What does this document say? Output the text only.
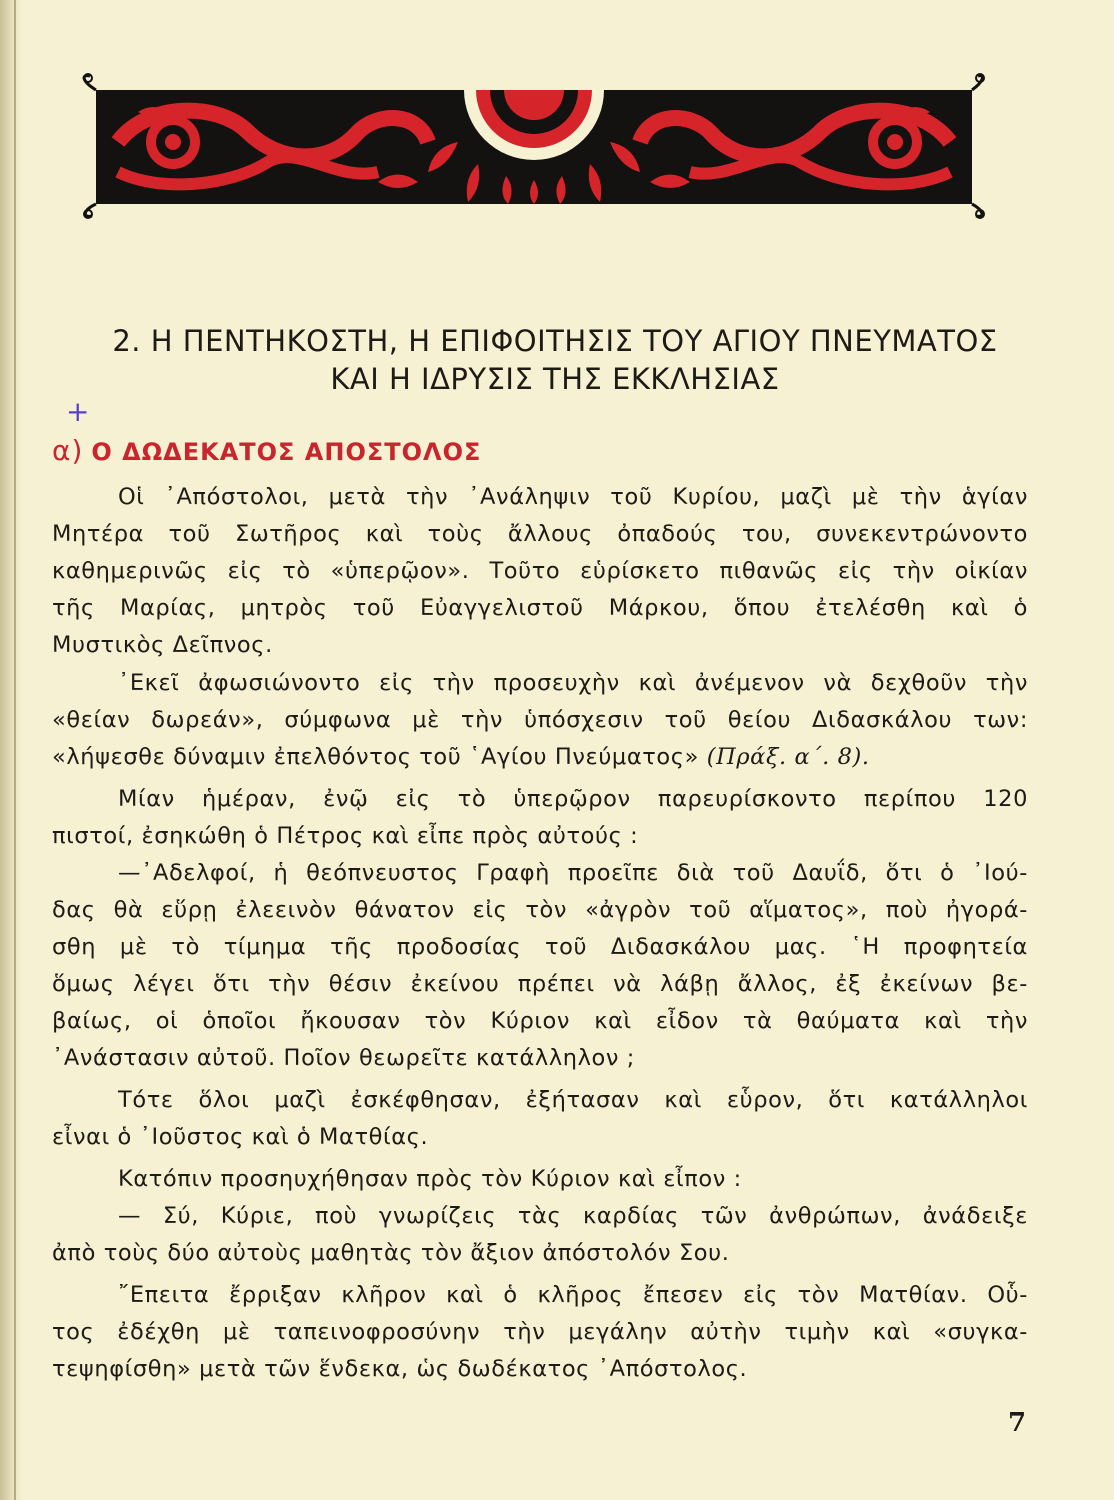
2. Η ΠΕΝΤΗΚΟΣΤΗ, Η ΕΠΙΦΟΙΤΗΣΙΣ ΤΟΥ ΑΓΙΟΥ ΠΝΕΥΜΑΤΟΣ
ΚΑΙ Η ΙΔΡΥΣΙΣ ΤΗΣ ΕΚΚΛΗΣΙΑΣ
+
α) Ο ΔΩΔΕΚΑΤΟΣ ΑΠΟΣΤΟΛΟΣ
Οἱ ᾿Απόστολοι, μετὰ τὴν ᾿Ανάληψιν τοῦ Κυρίου, μαζὶ μὲ τὴν ἁγίαν
Μητέρα τοῦ Σωτῆρος καὶ τοὺς ἄλλους ὀπαδούς του, συνεκεντρώνοντο
καθημερινῶς εἰς τὸ «ὑπερῷον». Τοῦτο εὑρίσκετο πιθανῶς εἰς τὴν οἰκίαν
τῆς Μαρίας, μητρὸς τοῦ Εὐαγγελιστοῦ Μάρκου, ὅπου ἐτελέσθη καὶ ὁ
Μυστικὸς Δεῖπνος.
᾿Εκεῖ ἀφωσιώνοντο εἰς τὴν προσευχὴν καὶ ἀνέμενον νὰ δεχθοῦν τὴν
«θείαν δωρεάν», σύμφωνα μὲ τὴν ὑπόσχεσιν τοῦ θείου Διδασκάλου των:
«λήψεσθε δύναμιν ἐπελθόντος τοῦ ῾Αγίου Πνεύματος» (Πράξ. α΄. 8).
Μίαν ἡμέραν, ἐνῷ εἰς τὸ ὑπερῷρον παρευρίσκοντο περίπου 120
πιστοί, ἐσηκώθη ὁ Πέτρος καὶ εἶπε πρὸς αὐτούς :
—᾿Αδελφοί, ἡ θεόπνευστος Γραφὴ προεῖπε διὰ τοῦ Δαυΐδ, ὅτι ὁ ᾿Ιού-
δας θὰ εὕρῃ ἐλεεινὸν θάνατον εἰς τὸν «ἀγρὸν τοῦ αἵματος», ποὺ ἠγορά-
σθη μὲ τὸ τίμημα τῆς προδοσίας τοῦ Διδασκάλου μας. ῾Η προφητεία
ὅμως λέγει ὅτι τὴν θέσιν ἐκείνου πρέπει νὰ λάβῃ ἄλλος, ἐξ ἐκείνων βε-
βαίως, οἱ ὁποῖοι ἤκουσαν τὸν Κύριον καὶ εἶδον τὰ θαύματα καὶ τὴν
᾿Ανάστασιν αὐτοῦ. Ποῖον θεωρεῖτε κατάλληλον ;
Τότε ὅλοι μαζὶ ἐσκέφθησαν, ἐξήτασαν καὶ εὗρον, ὅτι κατάλληλοι
εἶναι ὁ ᾿Ιοῦστος καὶ ὁ Ματθίας.
Κατόπιν προσηυχήθησαν πρὸς τὸν Κύριον καὶ εἶπον :
— Σύ, Κύριε, ποὺ γνωρίζεις τὰς καρδίας τῶν ἀνθρώπων, ἀνάδειξε
ἀπὸ τοὺς δύο αὐτοὺς μαθητὰς τὸν ἄξιον ἀπόστολόν Σου.
῎Επειτα ἔρριξαν κλῆρον καὶ ὁ κλῆρος ἔπεσεν εἰς τὸν Ματθίαν. Οὗ-
τος ἐδέχθη μὲ ταπεινοφροσύνην τὴν μεγάλην αὐτὴν τιμὴν καὶ «συγκα-
τεψηφίσθη» μετὰ τῶν ἕνδεκα, ὡς δωδέκατος ᾿Απόστολος.
7
